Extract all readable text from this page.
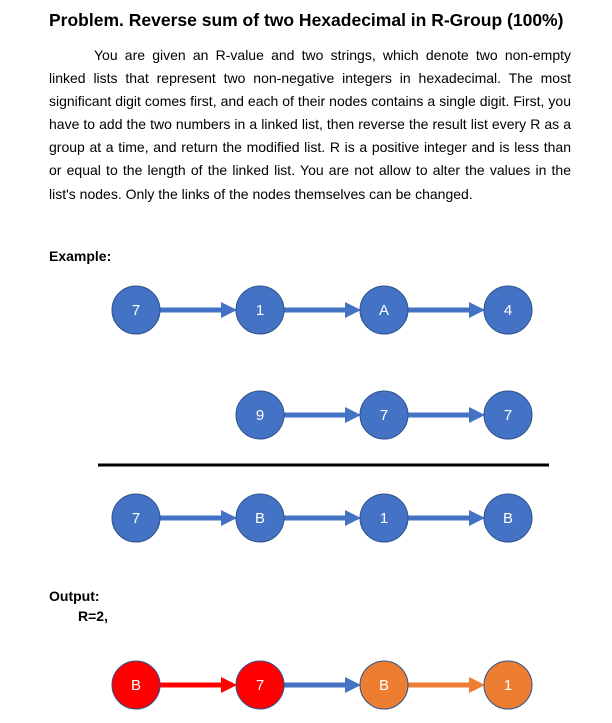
Problem. Reverse sum of two Hexadecimal in R-Group (100%)

You are given an R-value and two strings, which denote two non-empty linked lists that represent two non-negative integers in hexadecimal. The most significant digit comes first, and each of their nodes contains a single digit. First, you have to add the two numbers in a linked list, then reverse the result list every R as a group at a time, and return the modified list. R is a positive integer and is less than or equal to the length of the linked list. You are not allow to alter the values in the list's nodes. Only the links of the nodes themselves can be changed.

Example:
Output:
R=2,
7	1	A	4
9	7	7
7	B	1	B
B	7	B	1
